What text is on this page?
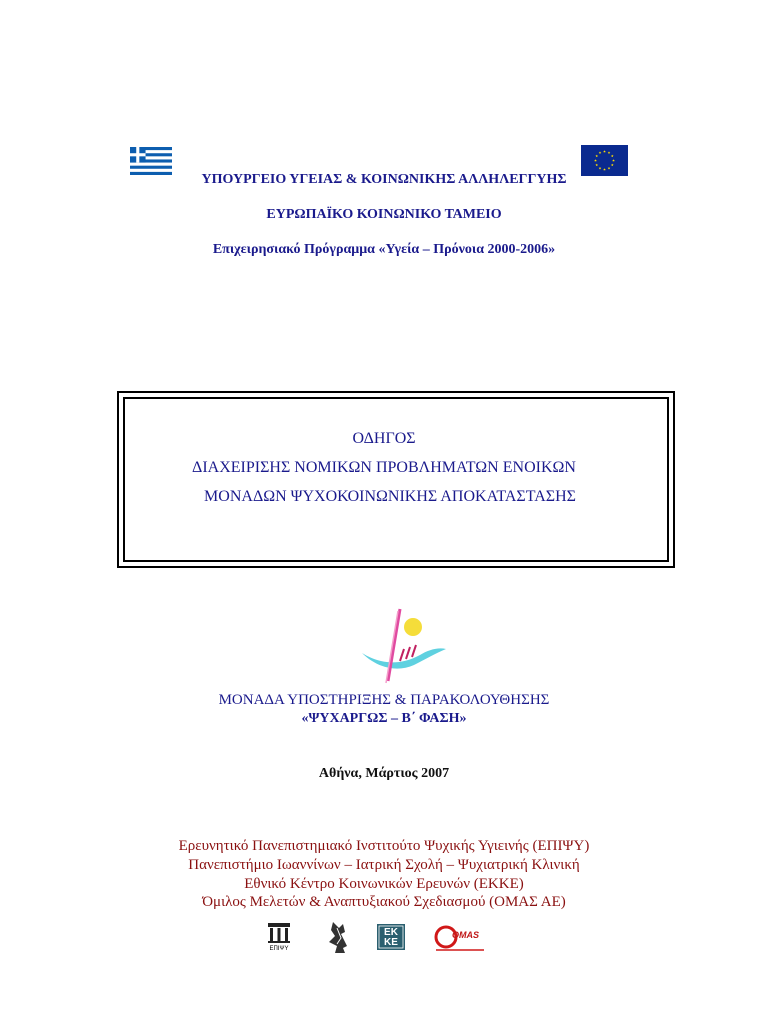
ΥΠΟΥΡΓΕΙΟ ΥΓΕΙΑΣ & ΚΟΙΝΩΝΙΚΗΣ ΑΛΛΗΛΕΓΓΥΗΣ
ΕΥΡΩΠΑΪΚΟ ΚΟΙΝΩΝΙΚΟ ΤΑΜΕΙΟ
Επιχειρησιακό Πρόγραμμα «Υγεία – Πρόνοια 2000-2006»
ΟΔΗΓΟΣ
ΔΙΑΧΕΙΡΙΣΗΣ ΝΟΜΙΚΩΝ ΠΡΟΒΛΗΜΑΤΩΝ ΕΝΟΙΚΩΝ
ΜΟΝΑΔΩΝ ΨΥΧΟΚΟΙΝΩΝΙΚΗΣ ΑΠΟΚΑΤΑΣΤΑΣΗΣ
ΜΟΝΑΔΑ ΥΠΟΣΤΗΡΙΞΗΣ & ΠΑΡΑΚΟΛΟΥΘΗΣΗΣ
«ΨΥΧΑΡΓΩΣ – Β΄ ΦΑΣΗ»
Αθήνα, Μάρτιος 2007
Ερευνητικό Πανεπιστημιακό Ινστιτούτο Ψυχικής Υγιεινής (ΕΠΙΨΥ)
Πανεπιστήμιο Ιωαννίνων – Ιατρική Σχολή – Ψυχιατρική Κλινική
Εθνικό Κέντρο Κοινωνικών Ερευνών (ΕΚΚΕ)
Όμιλος Μελετών & Αναπτυξιακού Σχεδιασμού (ΟΜΑΣ ΑΕ)
ΕΠΙΨΥ
EK KE
OMAS
